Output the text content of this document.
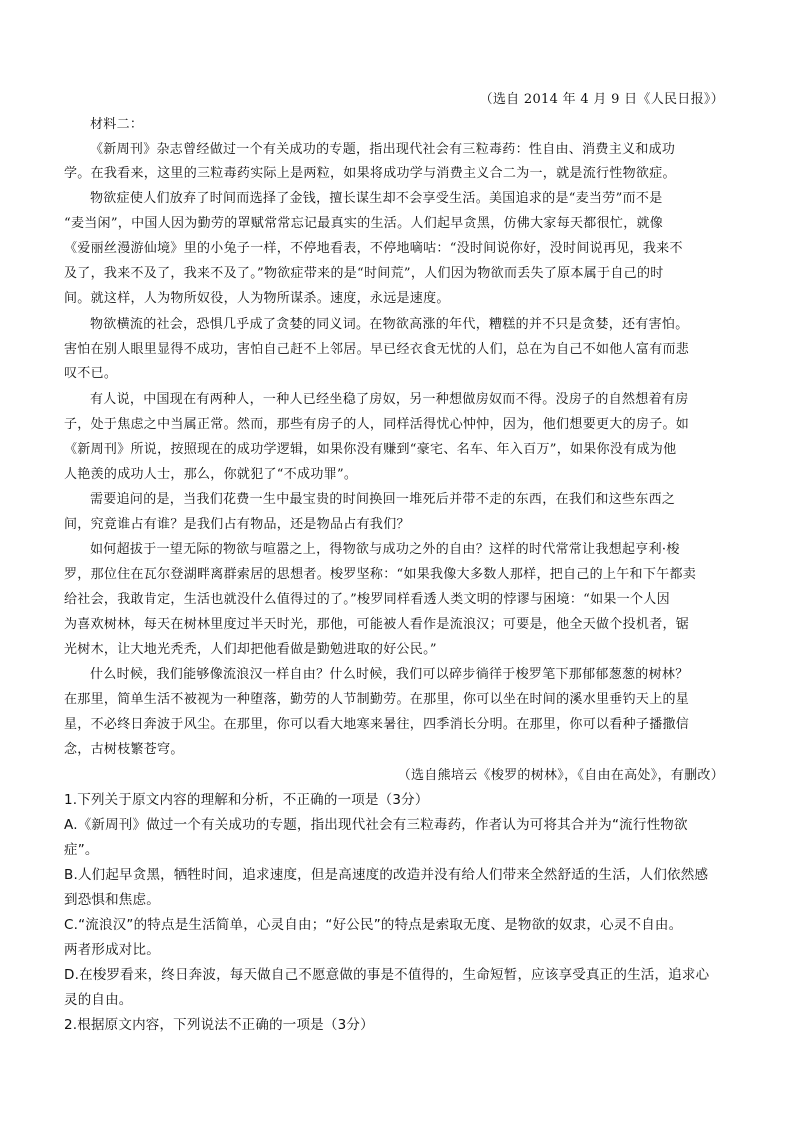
（选自 2014 年 4 月 9 日《人民日报》）
材料二：
《新周刊》杂志曾经做过一个有关成功的专题，指出现代社会有三粒毒药：性自由、消费主义和成功
学。在我看来，这里的三粒毒药实际上是两粒，如果将成功学与消费主义合二为一，就是流行性物欲症。
物欲症使人们放弃了时间而选择了金钱，擅长谋生却不会享受生活。美国追求的是“麦当劳”而不是
“麦当闲”，中国人因为勤劳的罩赋常常忘记最真实的生活。人们起早贪黑，仿佛大家每天都很忙，就像
《爱丽丝漫游仙境》里的小兔子一样，不停地看表，不停地嘀咕：“没时间说你好，没时间说再见，我来不
及了，我来不及了，我来不及了。”物欲症带来的是“时间荒”，人们因为物欲而丢失了原本属于自己的时
间。就这样，人为物所奴役，人为物所谋杀。速度，永远是速度。
物欲横流的社会，恐惧几乎成了贪婪的同义词。在物欲高涨的年代，糟糕的并不只是贪婪，还有害怕。
害怕在别人眼里显得不成功，害怕自己赶不上邻居。早已经衣食无忧的人们，总在为自己不如他人富有而悲
叹不已。
有人说，中国现在有两种人，一种人已经坐稳了房奴，另一种想做房奴而不得。没房子的自然想着有房
子，处于焦虑之中当属正常。然而，那些有房子的人，同样活得忧心忡忡，因为，他们想要更大的房子。如
《新周刊》所说，按照现在的成功学逻辑，如果你没有赚到“豪宅、名车、年入百万”，如果你没有成为他
人艳羡的成功人士，那么，你就犯了“不成功罪”。
需要追问的是，当我们花费一生中最宝贵的时间换回一堆死后并带不走的东西，在我们和这些东西之
间，究竟谁占有谁？是我们占有物品，还是物品占有我们？
如何超拔于一望无际的物欲与喧嚣之上，得物欲与成功之外的自由？这样的时代常常让我想起亨利·梭
罗，那位住在瓦尔登湖畔离群索居的思想者。梭罗坚称：“如果我像大多数人那样，把自己的上午和下午都卖
给社会，我敢肯定，生活也就没什么值得过的了。”梭罗同样看透人类文明的悖谬与困境：“如果一个人因
为喜欢树林，每天在树林里度过半天时光，那他，可能被人看作是流浪汉；可要是，他全天做个投机者，锯
光树木，让大地光秃秃，人们却把他看做是勤勉进取的好公民。”
什么时候，我们能够像流浪汉一样自由？什么时候，我们可以碎步徜徉于梭罗笔下那郁郁葱葱的树林？
在那里，简单生活不被视为一种堕落，勤劳的人节制勤劳。在那里，你可以坐在时间的溪水里垂钓天上的星
星，不必终日奔波于风尘。在那里，你可以看大地寒来暑往，四季消长分明。在那里，你可以看种子播撒信
念，古树枝繁苍穹。
（选自熊培云《梭罗的树林》，《自由在高处》，有删改）
1.下列关于原文内容的理解和分析，不正确的一项是（3分）
A.《新周刊》做过一个有关成功的专题，指出现代社会有三粒毒药，作者认为可将其合并为“流行性物欲
症”。
B.人们起早贪黑，牺牲时间，追求速度，但是高速度的改造并没有给人们带来全然舒适的生活，人们依然感
到恐惧和焦虑。
C.“流浪汉”的特点是生活简单，心灵自由；“好公民”的特点是索取无度、是物欲的奴隶，心灵不自由。
两者形成对比。
D.在梭罗看来，终日奔波，每天做自己不愿意做的事是不值得的，生命短暂，应该享受真正的生活，追求心
灵的自由。
2.根据原文内容，下列说法不正确的一项是（3分）
